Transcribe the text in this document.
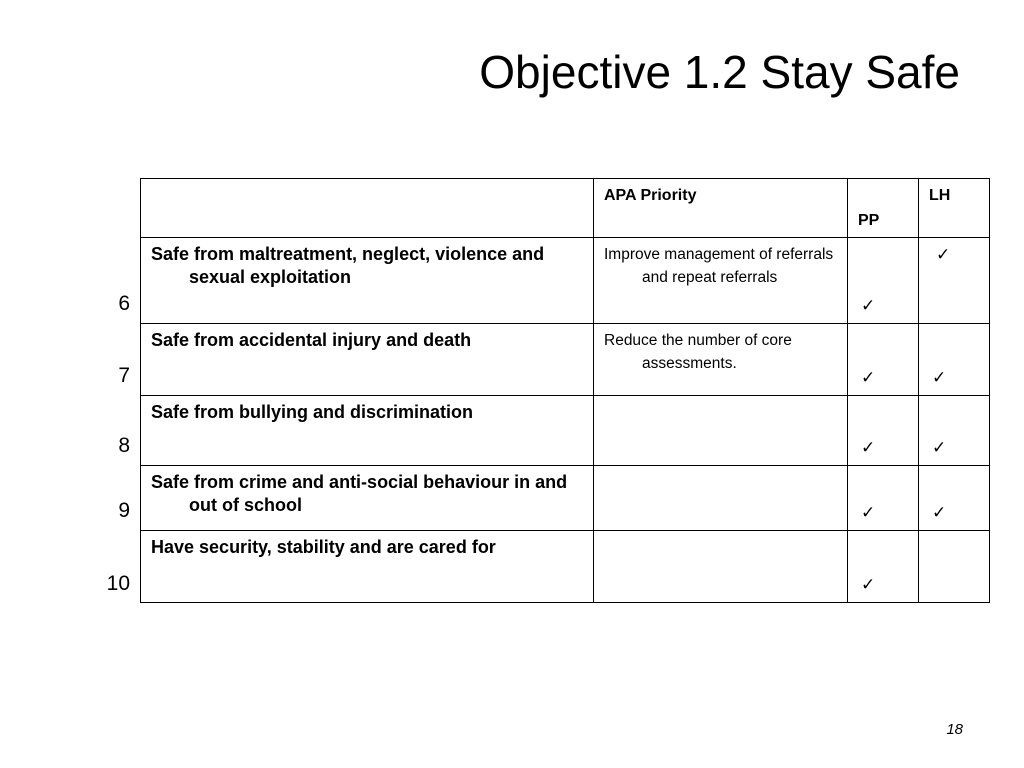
Objective 1.2 Stay Safe
6
7
8
9
10

	APA Priority	PP	LH

Safe from maltreatment, neglect, violence and sexual exploitation	Improve management of referrals and repeat referrals	✓	✓

Safe from accidental injury and death	Reduce the number of core assessments.	✓	✓

Safe from bullying and discrimination		✓	✓

Safe from crime and anti-social behaviour in and out of school		✓	✓

Have security, stability and are cared for		✓	

18
